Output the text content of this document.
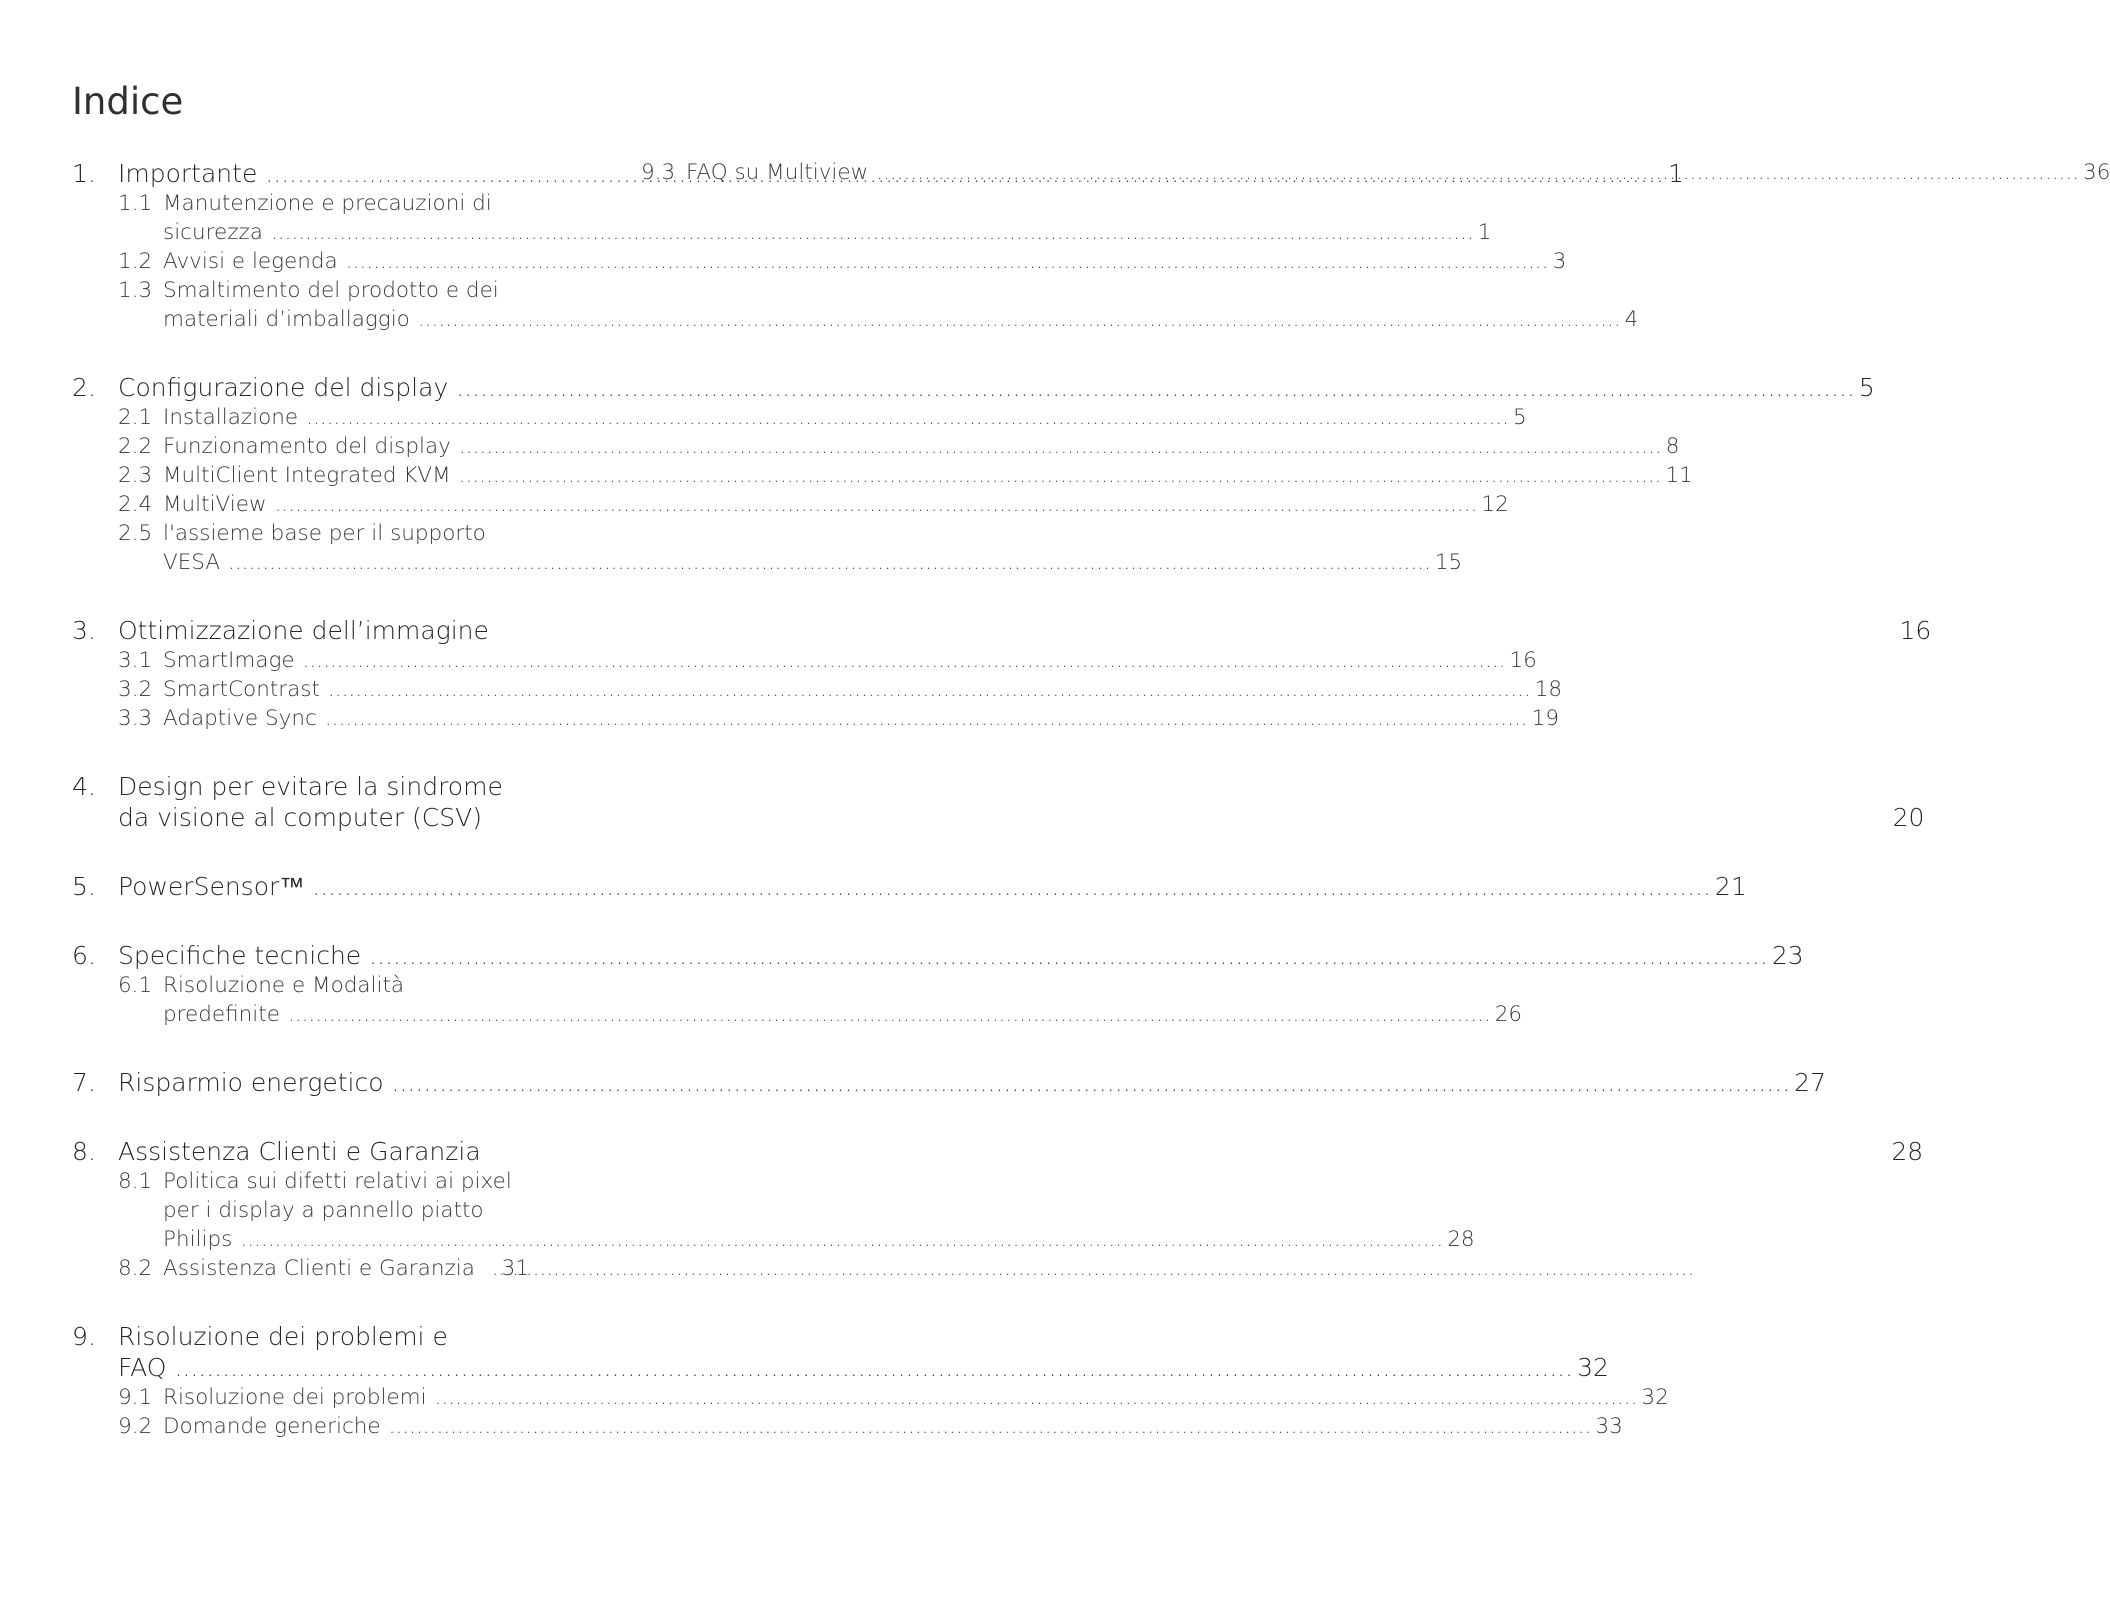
Indice
1. Importante .....	1
1.1 Manutenzione e precauzioni di
sicurezza .....	1
1.2 Avvisi e legenda .....	3
1.3 Smaltimento del prodotto e dei
materiali d’imballaggio .....	4
2. Configurazione del display .....	5
2.1 Installazione .....	5
2.2 Funzionamento del display .....	8
2.3 MultiClient Integrated KVM .....	11
2.4 MultiView .....	12
2.5 l'assieme base per il supporto
VESA .....	15
3. Ottimizzazione dell’immagine	16
3.1 SmartImage .....	16
3.2 SmartContrast .....	18
3.3 Adaptive Sync .....	19
4. Design per evitare la sindrome
da visione al computer (CSV)	20
5. PowerSensor™ .....	21
6. Specifiche tecniche .....	23
6.1 Risoluzione e Modalità
predefinite .....	26
7. Risparmio energetico .....	27
8. Assistenza Clienti e Garanzia	28
8.1 Politica sui difetti relativi ai pixel
per i display a pannello piatto
Philips .....	28
8.2 Assistenza Clienti e Garanzia ..... 31
9. Risoluzione dei problemi e
FAQ .....	32
9.1 Risoluzione dei problemi .....	32
9.2 Domande generiche .....	33
9.3 FAQ su Multiview .....	36
